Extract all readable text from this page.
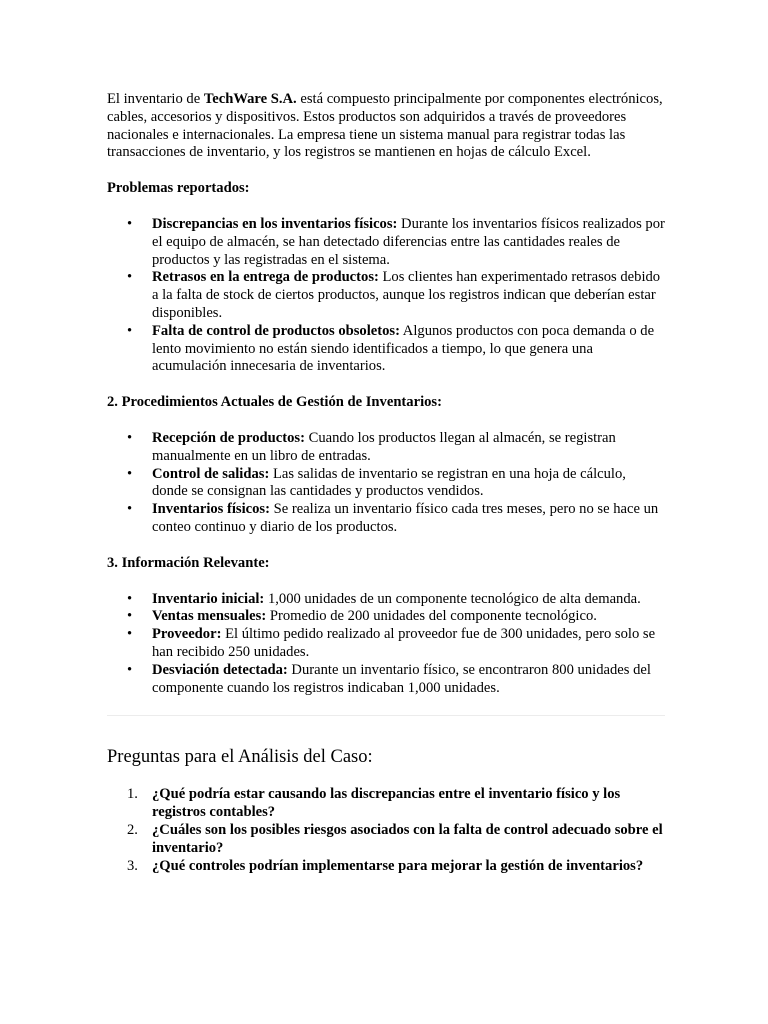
El inventario de TechWare S.A. está compuesto principalmente por componentes electrónicos, cables, accesorios y dispositivos. Estos productos son adquiridos a través de proveedores nacionales e internacionales. La empresa tiene un sistema manual para registrar todas las transacciones de inventario, y los registros se mantienen en hojas de cálculo Excel.

Problemas reportados:

• Discrepancias en los inventarios físicos: Durante los inventarios físicos realizados por el equipo de almacén, se han detectado diferencias entre las cantidades reales de productos y las registradas en el sistema.
• Retrasos en la entrega de productos: Los clientes han experimentado retrasos debido a la falta de stock de ciertos productos, aunque los registros indican que deberían estar disponibles.
• Falta de control de productos obsoletos: Algunos productos con poca demanda o de lento movimiento no están siendo identificados a tiempo, lo que genera una acumulación innecesaria de inventarios.

2. Procedimientos Actuales de Gestión de Inventarios:

• Recepción de productos: Cuando los productos llegan al almacén, se registran manualmente en un libro de entradas.
• Control de salidas: Las salidas de inventario se registran en una hoja de cálculo, donde se consignan las cantidades y productos vendidos.
• Inventarios físicos: Se realiza un inventario físico cada tres meses, pero no se hace un conteo continuo y diario de los productos.

3. Información Relevante:

• Inventario inicial: 1,000 unidades de un componente tecnológico de alta demanda.
• Ventas mensuales: Promedio de 200 unidades del componente tecnológico.
• Proveedor: El último pedido realizado al proveedor fue de 300 unidades, pero solo se han recibido 250 unidades.
• Desviación detectada: Durante un inventario físico, se encontraron 800 unidades del componente cuando los registros indicaban 1,000 unidades.

Preguntas para el Análisis del Caso:

1. ¿Qué podría estar causando las discrepancias entre el inventario físico y los registros contables?
2. ¿Cuáles son los posibles riesgos asociados con la falta de control adecuado sobre el inventario?
3. ¿Qué controles podrían implementarse para mejorar la gestión de inventarios?
